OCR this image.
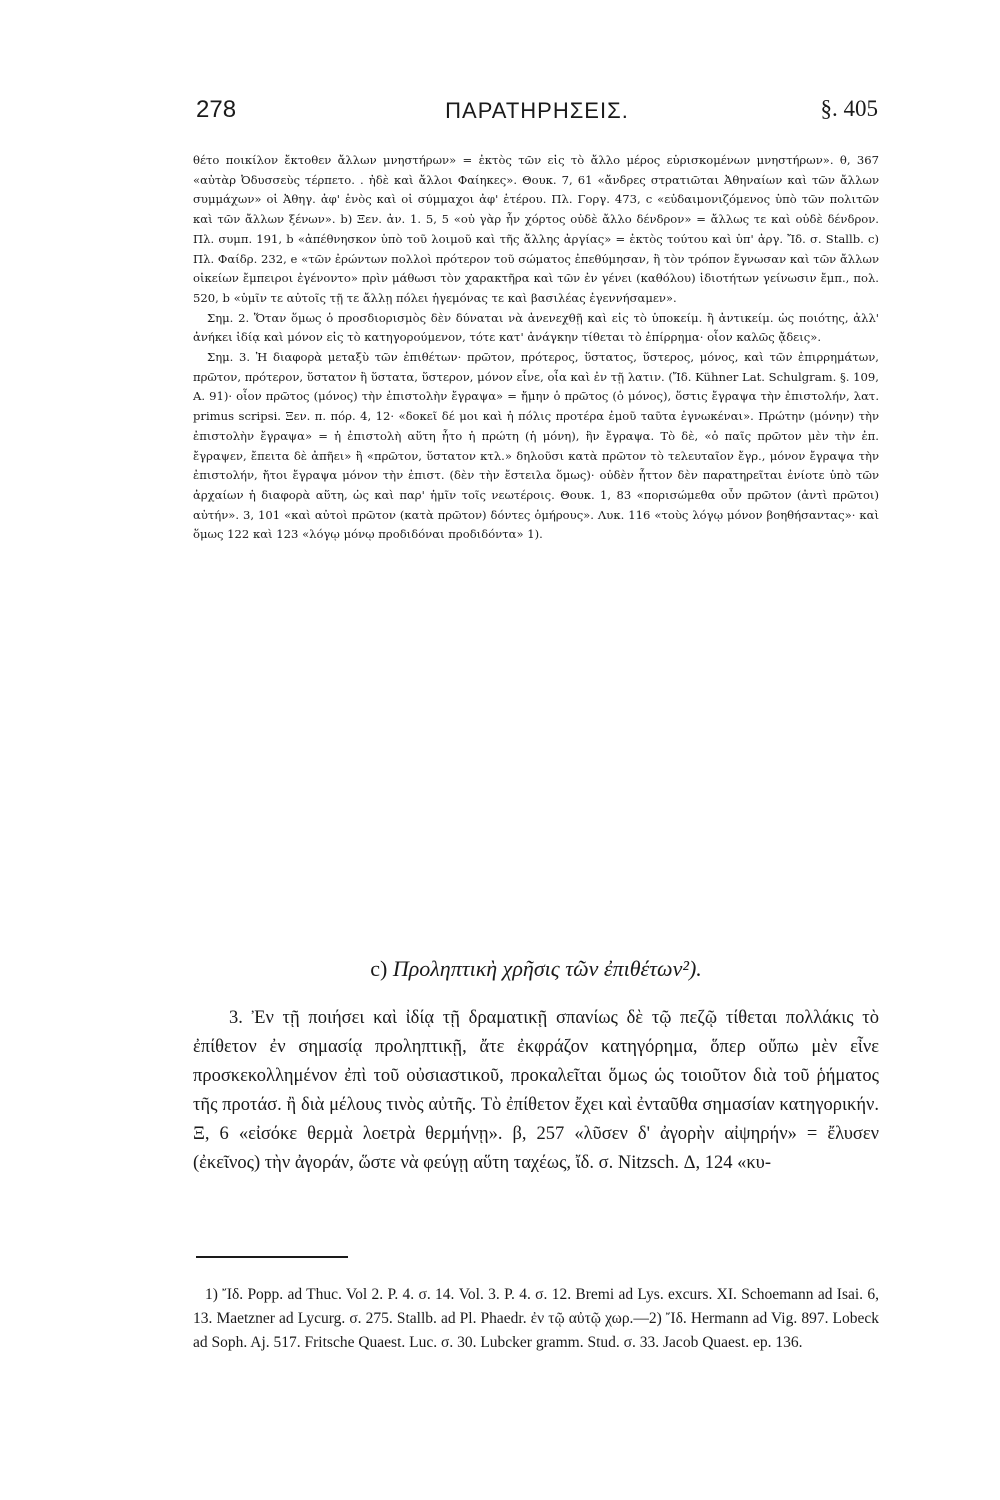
278	ΠΑΡΑΤΗΡΗΣΕΙΣ.	§. 405

θέτο ποικίλον ἔκτοθεν ἄλλων μνηστήρων» = ἐκτὸς τῶν εἰς τὸ ἄλλο μέρος εὑρισκομένων μνηστήρων». θ, 367 «αὐτὰρ Ὀδυσσεὺς τέρπετο. . ἠδὲ καὶ ἄλλοι Φαίηκες». Θουκ. 7, 61 «ἄνδρες στρατιῶται Ἀθηναίων καὶ τῶν ἄλλων συμμάχων» οἱ Ἀθηγ. ἀφ' ἑνὸς καὶ οἱ σύμμαχοι ἀφ' ἑτέρου. Πλ. Γοργ. 473, c «εὐδαιμονιζόμενος ὑπὸ τῶν πολιτῶν καὶ τῶν ἄλλων ξένων». b) Ξεν. ἀν. 1. 5, 5 «οὐ γὰρ ἦν χόρτος οὐδὲ ἄλλο δένδρον» = ἄλλως τε καὶ οὐδὲ δένδρον. Πλ. συμπ. 191, b «ἀπέθνησκον ὑπὸ τοῦ λοιμοῦ καὶ τῆς ἄλλης ἀργίας» = ἐκτὸς τούτου καὶ ὑπ' ἀργ. Ἴδ. σ. Stallb. c) Πλ. Φαίδρ. 232, e «τῶν ἐρώντων πολλοὶ πρότερον τοῦ σώματος ἐπεθύμησαν, ἢ τὸν τρόπον ἔγνωσαν καὶ τῶν ἄλλων οἰκείων ἔμπειροι ἐγένοντο» πρὶν μάθωσι τὸν χαρακτῆρα καὶ τῶν ἐν γένει (καθόλου) ἰδιοτήτων γείνωσιν ἔμπ., πολ. 520, b «ὑμῖν τε αὐτοῖς τῇ τε ἄλλῃ πόλει ἡγεμόνας τε καὶ βασιλέας ἐγεννήσαμεν».

Σημ. 2. Ὅταν ὅμως ὁ προσδιορισμὸς δὲν δύναται νὰ ἀνενεχθῇ καὶ εἰς τὸ ὑποκείμ. ἢ ἀντικείμ. ὡς ποιότης, ἀλλ' ἀνήκει ἰδίᾳ καὶ μόνον εἰς τὸ κατηγορούμενον, τότε κατ' ἀνάγκην τίθεται τὸ ἐπίρρημα· οἷον καλῶς ᾄδεις».

Σημ. 3. Ἡ διαφορὰ μεταξὺ τῶν ἐπιθέτων· πρῶτον, πρότερος, ὕστατος, ὕστερος, μόνος, καὶ τῶν ἐπιρρημάτων, πρῶτον, πρότερον, ὕστατον ἢ ὕστατα, ὕστερον, μόνον εἶνε, οἷα καὶ ἐν τῇ λατιν. (Ἴδ. Kühner Lat. Schulgram. §. 109, A. 91)· οἷον πρῶτος (μόνος) τὴν ἐπιστολὴν ἔγραψα» = ἤμην ὁ πρῶτος (ὁ μόνος), ὅστις ἔγραψα τὴν ἐπιστολήν, λατ. primus scripsi. Ξεν. π. πόρ. 4, 12· «δοκεῖ δέ μοι καὶ ἡ πόλις προτέρα ἐμοῦ ταῦτα ἐγνωκέναι». Πρώτην (μόνην) τὴν ἐπιστολὴν ἔγραψα» = ἡ ἐπιστολὴ αὕτη ἦτο ἡ πρώτη (ἡ μόνη), ἣν ἔγραψα. Τὸ δὲ, «ὁ παῖς πρῶτον μὲν τὴν ἐπ. ἔγραψεν, ἔπειτα δὲ ἀπῆει» ἢ «πρῶτον, ὕστατον κτλ.» δηλοῦσι κατὰ πρῶτον τὸ τελευταῖον ἔγρ., μόνον ἔγραψα τὴν ἐπιστολήν, ἤτοι ἔγραψα μόνον τὴν ἐπιστ. (δὲν τὴν ἔστειλα ὅμως)· οὐδὲν ἧττον δὲν παρατηρεῖται ἐνίοτε ὑπὸ τῶν ἀρχαίων ἡ διαφορὰ αὕτη, ὡς καὶ παρ' ἡμῖν τοῖς νεωτέροις. Θουκ. 1, 83 «πορισώμεθα οὖν πρῶτον (ἀντὶ πρῶτοι) αὐτήν». 3, 101 «καὶ αὐτοὶ πρῶτον (κατὰ πρῶτον) δόντες ὁμήρους». Λυκ. 116 «τοὺς λόγῳ μόνον βοηθήσαντας»· καὶ ὅμως 122 καὶ 123 «λόγῳ μόνῳ προδιδόναι προδιδόντα» 1).

c) Προληπτικὴ χρῆσις τῶν ἐπιθέτων²).

3. Ἐν τῇ ποιήσει καὶ ἰδίᾳ τῇ δραματικῇ σπανίως δὲ τῷ πεζῷ τίθεται πολλάκις τὸ ἐπίθετον ἐν σημασίᾳ προληπτικῇ, ἄτε ἐκφράζον κατηγόρημα, ὅπερ οὔπω μὲν εἶνε προσκεκολλημένον ἐπὶ τοῦ οὐσιαστικοῦ, προκαλεῖται ὅμως ὡς τοιοῦτον διὰ τοῦ ῥήματος τῆς προτάσ. ἢ διὰ μέλους τινὸς αὐτῆς. Τὸ ἐπίθετον ἔχει καὶ ἐνταῦθα σημασίαν κατηγορικήν. Ξ, 6 «εἰσόκε θερμὰ λοετρὰ θερμήνῃ». β, 257 «λῦσεν δ' ἀγορὴν αἰψηρήν» = ἔλυσεν (ἐκεῖνος) τὴν ἀγοράν, ὥστε νὰ φεύγῃ αὕτη ταχέως, ἴδ. σ. Nitzsch. Δ, 124 «κυ-

1) Ἴδ. Popp. ad Thuc. Vol 2. P. 4. σ. 14. Vol. 3. P. 4. σ. 12. Bremi ad Lys. excurs. XI. Schoemann ad Isai. 6, 13. Maetzner ad Lycurg. σ. 275. Stallb. ad Pl. Phaedr. ἐν τῷ αὐτῷ χωρ.—2) Ἴδ. Hermann ad Vig. 897. Lobeck ad Soph. Aj. 517. Fritsche Quaest. Luc. σ. 30. Lubcker gramm. Stud. σ. 33. Jacob Quaest. ep. 136.
